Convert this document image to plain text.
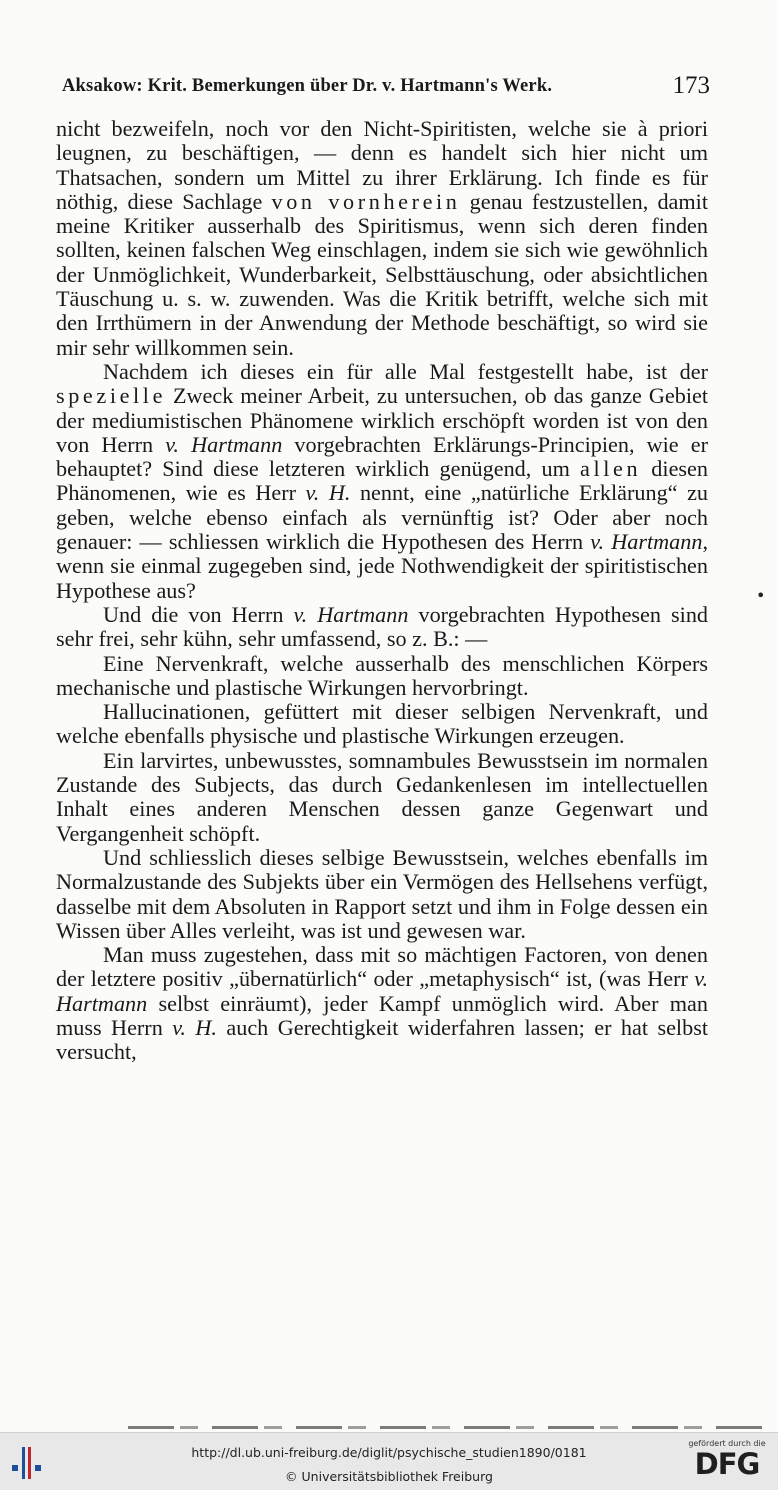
Aksakow: Krit. Bemerkungen über Dr. v. Hartmann's Werk.	173

nicht bezweifeln, noch vor den Nicht-Spiritisten, welche sie à priori leugnen, zu beschäftigen, — denn es handelt sich hier nicht um Thatsachen, sondern um Mittel zu ihrer Erklärung. Ich finde es für nöthig, diese Sachlage von vornherein genau festzustellen, damit meine Kritiker ausserhalb des Spiritismus, wenn sich deren finden sollten, keinen falschen Weg einschlagen, indem sie sich wie gewöhnlich der Unmöglichkeit, Wunderbarkeit, Selbsttäuschung, oder absichtlichen Täuschung u. s. w. zuwenden. Was die Kritik betrifft, welche sich mit den Irrthümern in der Anwendung der Methode beschäftigt, so wird sie mir sehr willkommen sein.

Nachdem ich dieses ein für alle Mal festgestellt habe, ist der spezielle Zweck meiner Arbeit, zu untersuchen, ob das ganze Gebiet der mediumistischen Phänomene wirklich erschöpft worden ist von den von Herrn v. Hartmann vorgebrachten Erklärungs-Principien, wie er behauptet? Sind diese letzteren wirklich genügend, um allen diesen Phänomenen, wie es Herr v. H. nennt, eine „natürliche Erklärung“ zu geben, welche ebenso einfach als vernünftig ist? Oder aber noch genauer: — schliessen wirklich die Hypothesen des Herrn v. Hartmann, wenn sie einmal zugegeben sind, jede Nothwendigkeit der spiritistischen Hypothese aus?

Und die von Herrn v. Hartmann vorgebrachten Hypothesen sind sehr frei, sehr kühn, sehr umfassend, so z. B.: —

Eine Nervenkraft, welche ausserhalb des menschlichen Körpers mechanische und plastische Wirkungen hervorbringt.

Hallucinationen, gefüttert mit dieser selbigen Nervenkraft, und welche ebenfalls physische und plastische Wirkungen erzeugen.

Ein larvirtes, unbewusstes, somnambules Bewusstsein im normalen Zustande des Subjects, das durch Gedankenlesen im intellectuellen Inhalt eines anderen Menschen dessen ganze Gegenwart und Vergangenheit schöpft.

Und schliesslich dieses selbige Bewusstsein, welches ebenfalls im Normalzustande des Subjekts über ein Vermögen des Hellsehens verfügt, dasselbe mit dem Absoluten in Rapport setzt und ihm in Folge dessen ein Wissen über Alles verleiht, was ist und gewesen war.

Man muss zugestehen, dass mit so mächtigen Factoren, von denen der letztere positiv „übernatürlich“ oder „metaphysisch“ ist, (was Herr v. Hartmann selbst einräumt), jeder Kampf unmöglich wird. Aber man muss Herrn v. H. auch Gerechtigkeit widerfahren lassen; er hat selbst versucht,

•
http://dl.ub.uni-freiburg.de/diglit/psychische_studien1890/0181
© Universitätsbibliothek Freiburg
gefördert durch die
DFG
